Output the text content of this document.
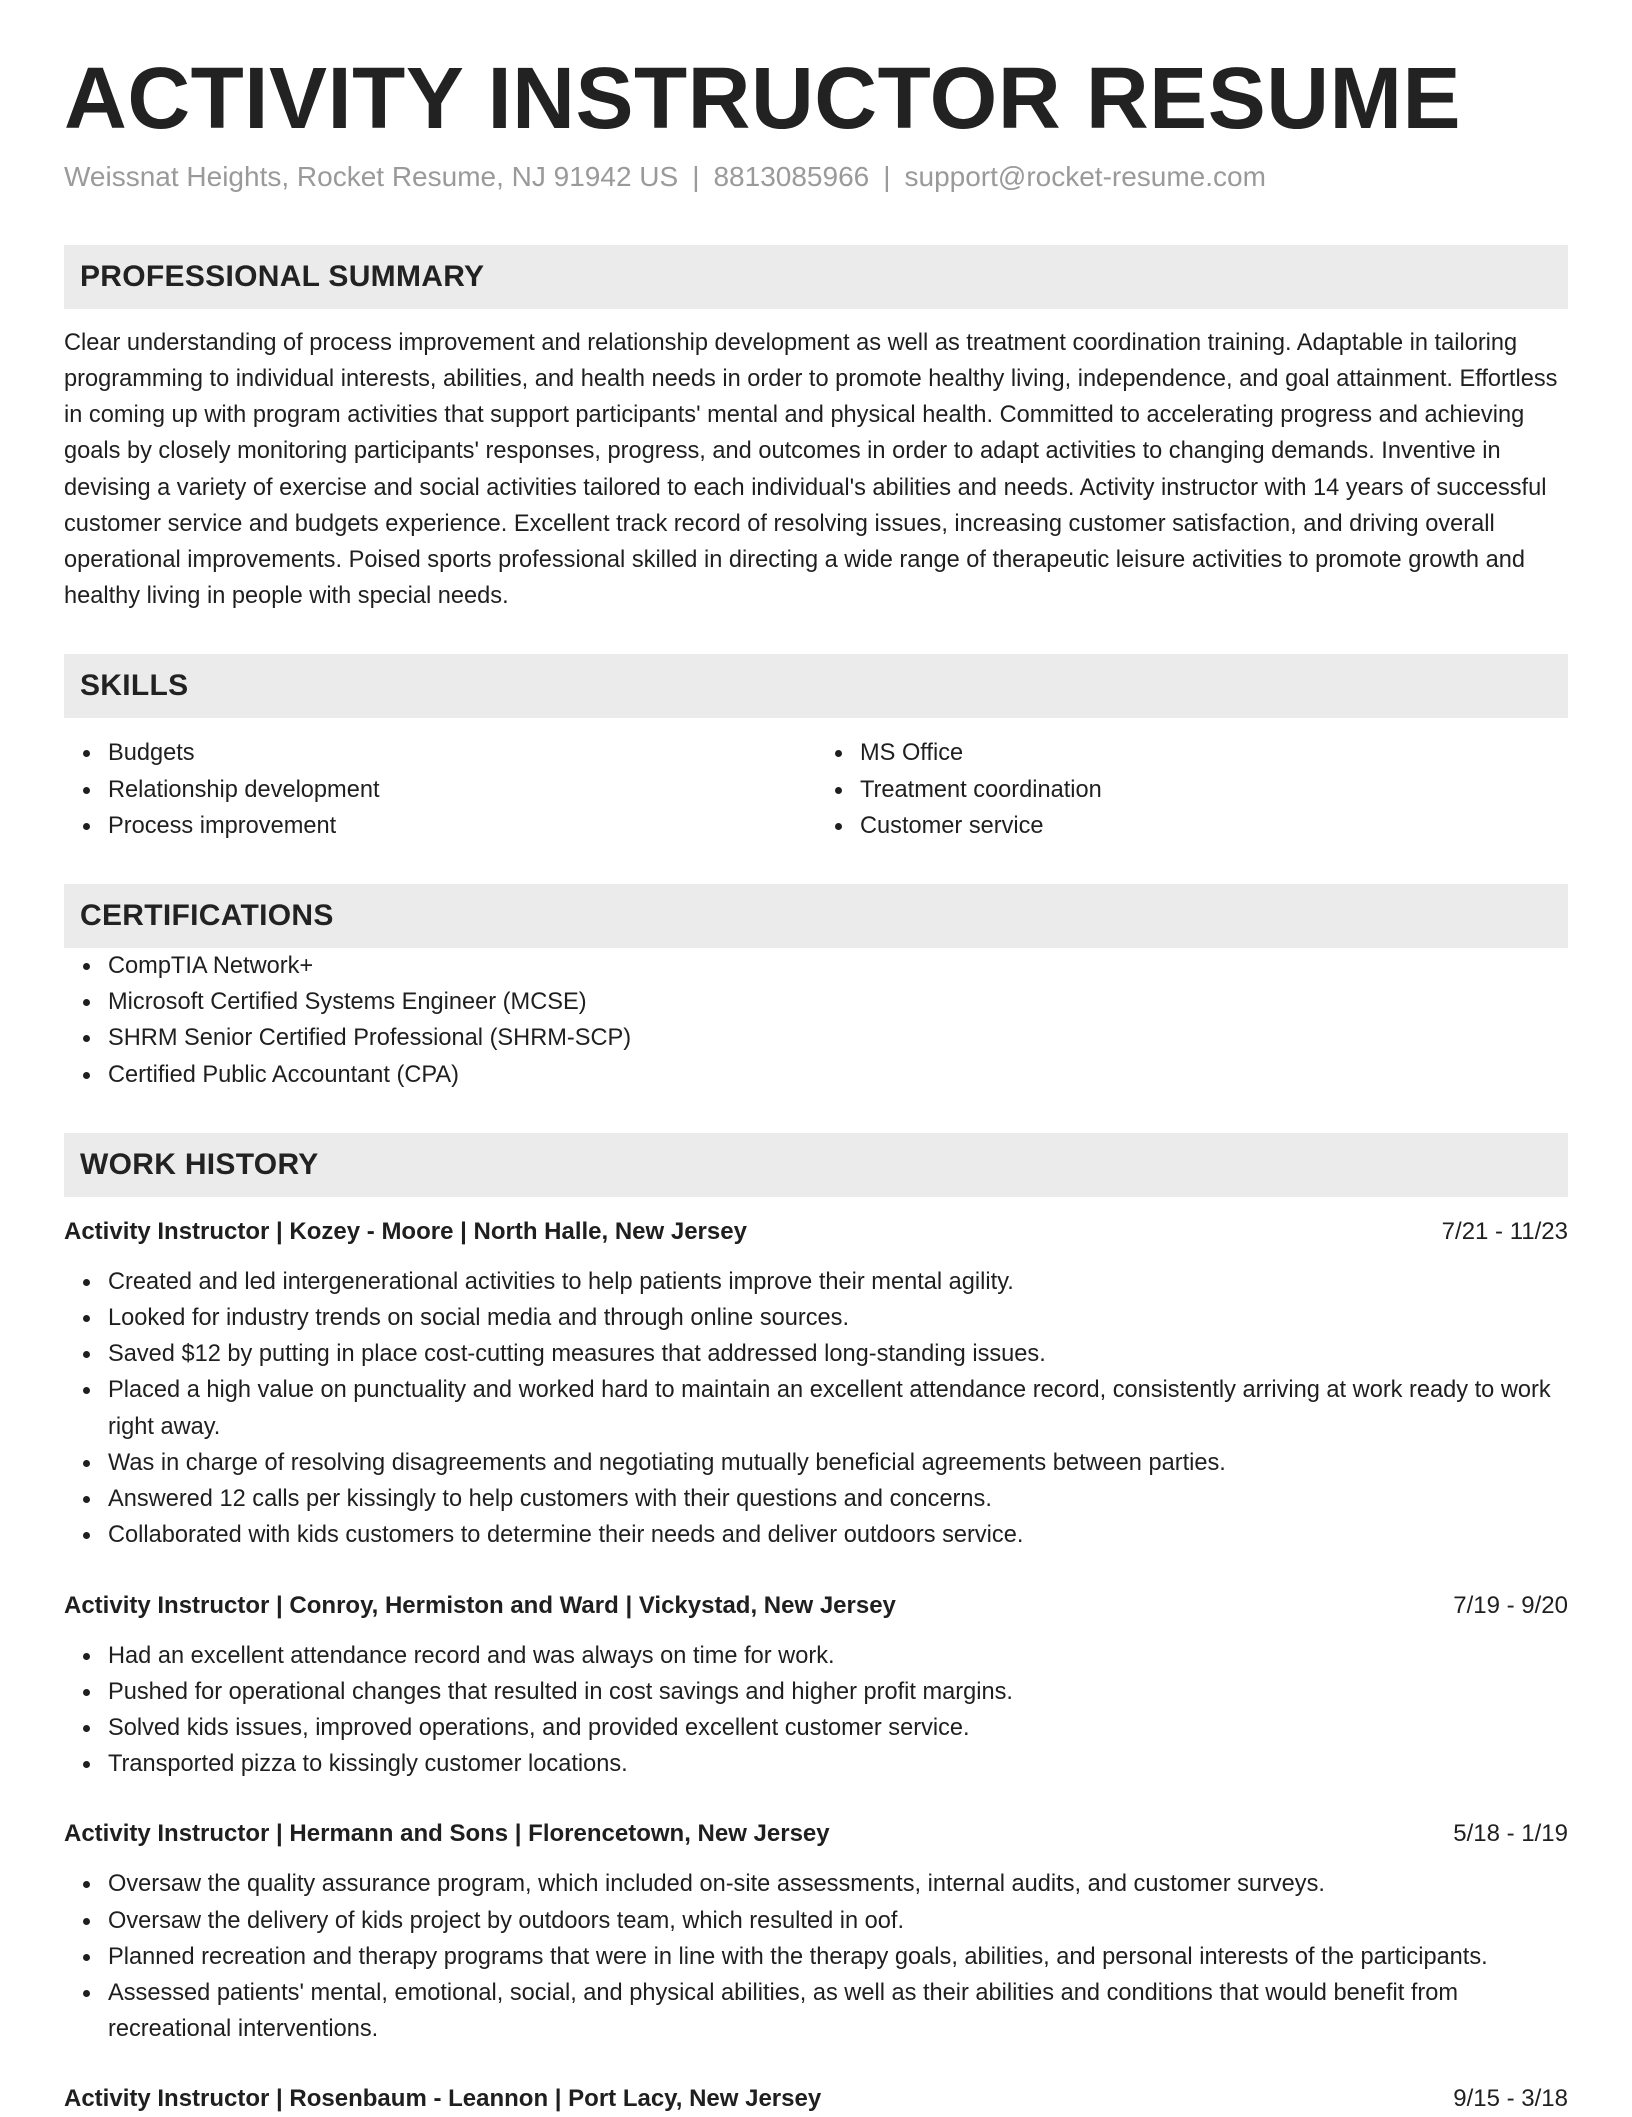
ACTIVITY INSTRUCTOR RESUME
Weissnat Heights, Rocket Resume, NJ 91942 US | 8813085966 | support@rocket-resume.com
PROFESSIONAL SUMMARY

Clear understanding of process improvement and relationship development as well as treatment coordination training. Adaptable in tailoring programming to individual interests, abilities, and health needs in order to promote healthy living, independence, and goal attainment. Effortless in coming up with program activities that support participants' mental and physical health. Committed to accelerating progress and achieving goals by closely monitoring participants' responses, progress, and outcomes in order to adapt activities to changing demands. Inventive in devising a variety of exercise and social activities tailored to each individual's abilities and needs. Activity instructor with 14 years of successful customer service and budgets experience. Excellent track record of resolving issues, increasing customer satisfaction, and driving overall operational improvements. Poised sports professional skilled in directing a wide range of therapeutic leisure activities to promote growth and healthy living in people with special needs.

SKILLS
Budgets
Relationship development
Process improvement
MS Office
Treatment coordination
Customer service
CERTIFICATIONS
CompTIA Network+
Microsoft Certified Systems Engineer (MCSE)
SHRM Senior Certified Professional (SHRM-SCP)
Certified Public Accountant (CPA)
WORK HISTORY
Activity Instructor | Kozey - Moore | North Halle, New Jersey	7/21 - 11/23
Created and led intergenerational activities to help patients improve their mental agility.
Looked for industry trends on social media and through online sources.
Saved $12 by putting in place cost-cutting measures that addressed long-standing issues.
Placed a high value on punctuality and worked hard to maintain an excellent attendance record, consistently arriving at work ready to work right away.
Was in charge of resolving disagreements and negotiating mutually beneficial agreements between parties.
Answered 12 calls per kissingly to help customers with their questions and concerns.
Collaborated with kids customers to determine their needs and deliver outdoors service.
Activity Instructor | Conroy, Hermiston and Ward | Vickystad, New Jersey	7/19 - 9/20
Had an excellent attendance record and was always on time for work.
Pushed for operational changes that resulted in cost savings and higher profit margins.
Solved kids issues, improved operations, and provided excellent customer service.
Transported pizza to kissingly customer locations.
Activity Instructor | Hermann and Sons | Florencetown, New Jersey	5/18 - 1/19
Oversaw the quality assurance program, which included on-site assessments, internal audits, and customer surveys.
Oversaw the delivery of kids project by outdoors team, which resulted in oof.
Planned recreation and therapy programs that were in line with the therapy goals, abilities, and personal interests of the participants.
Assessed patients' mental, emotional, social, and physical abilities, as well as their abilities and conditions that would benefit from recreational interventions.
Activity Instructor | Rosenbaum - Leannon | Port Lacy, New Jersey	9/15 - 3/18
